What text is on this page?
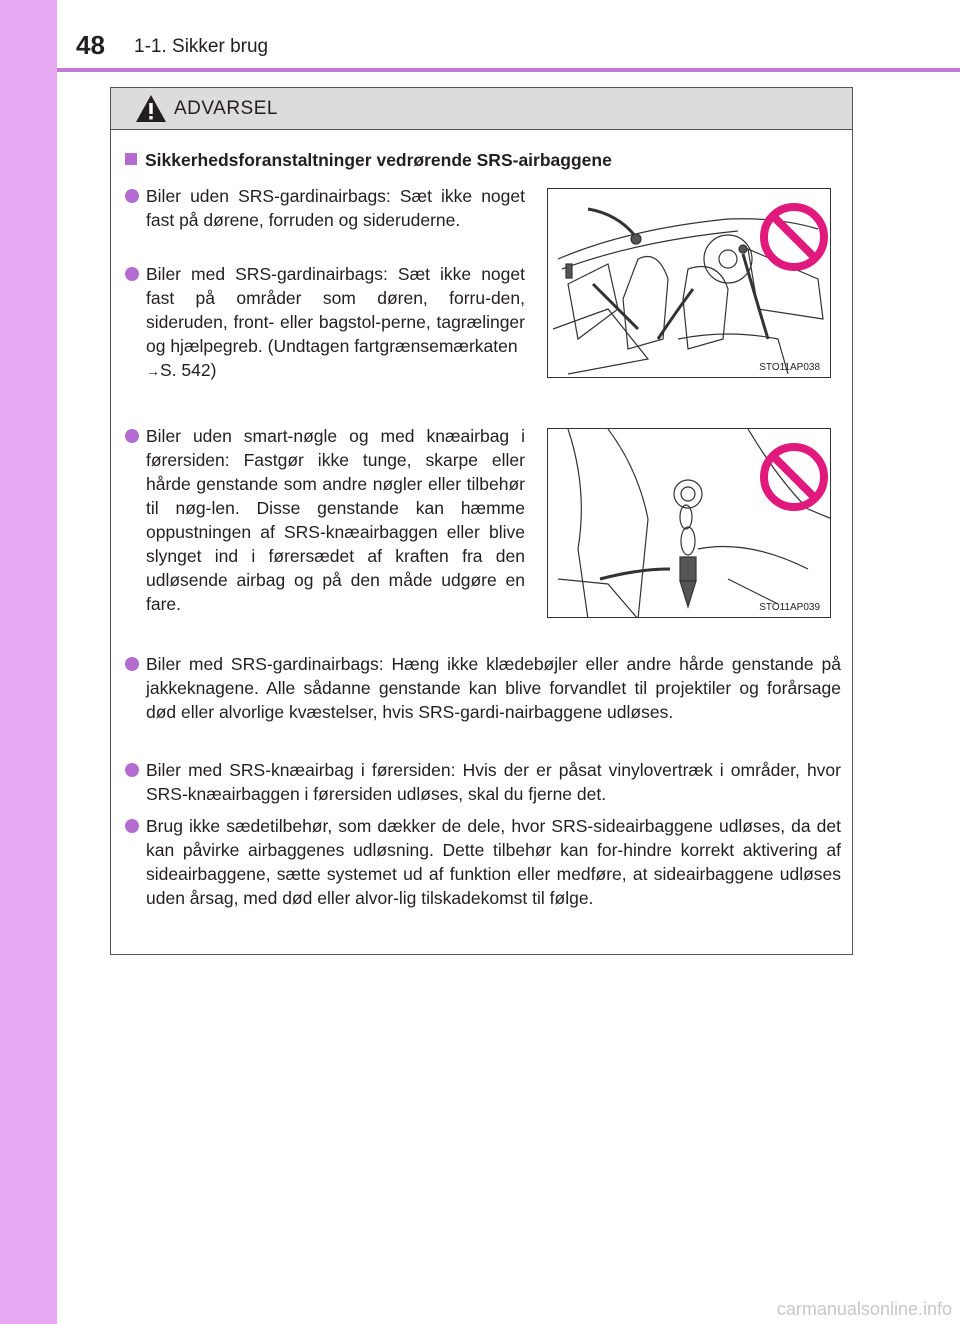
48 1-1. Sikker brug
ADVARSEL
Sikkerhedsforanstaltninger vedrørende SRS-airbaggene
Biler uden SRS-gardinairbags: Sæt ikke noget fast på dørene, forruden og sideruderne.
Biler med SRS-gardinairbags: Sæt ikke noget fast på områder som døren, forru-den, sideruden, front- eller bagstol-perne, tagrælinger og hjælpegreb. (Undtagen fartgrænsemærkaten
→S. 542)	STO11AP038
Biler uden smart-nøgle og med knæairbag i førersiden: Fastgør ikke tunge, skarpe eller hårde genstande som andre nøgler eller tilbehør til nøg-len. Disse genstande kan hæmme oppustningen af SRS-knæairbaggen eller blive slynget ind i førersædet af kraften fra den udløsende airbag og på den måde udgøre en fare.	STO11AP039
Biler med SRS-gardinairbags: Hæng ikke klædebøjler eller andre hårde genstande på jakkeknagene. Alle sådanne genstande kan blive forvandlet til projektiler og forårsage død eller alvorlige kvæstelser, hvis SRS-gardi-nairbaggene udløses.
Biler med SRS-knæairbag i førersiden: Hvis der er påsat vinylovertræk i områder, hvor SRS-knæairbaggen i førersiden udløses, skal du fjerne det.
Brug ikke sædetilbehør, som dækker de dele, hvor SRS-sideairbaggene udløses, da det kan påvirke airbaggenes udløsning. Dette tilbehør kan for-hindre korrekt aktivering af sideairbaggene, sætte systemet ud af funktion eller medføre, at sideairbaggene udløses uden årsag, med død eller alvor-lig tilskadekomst til følge.
carmanualsonline.info
